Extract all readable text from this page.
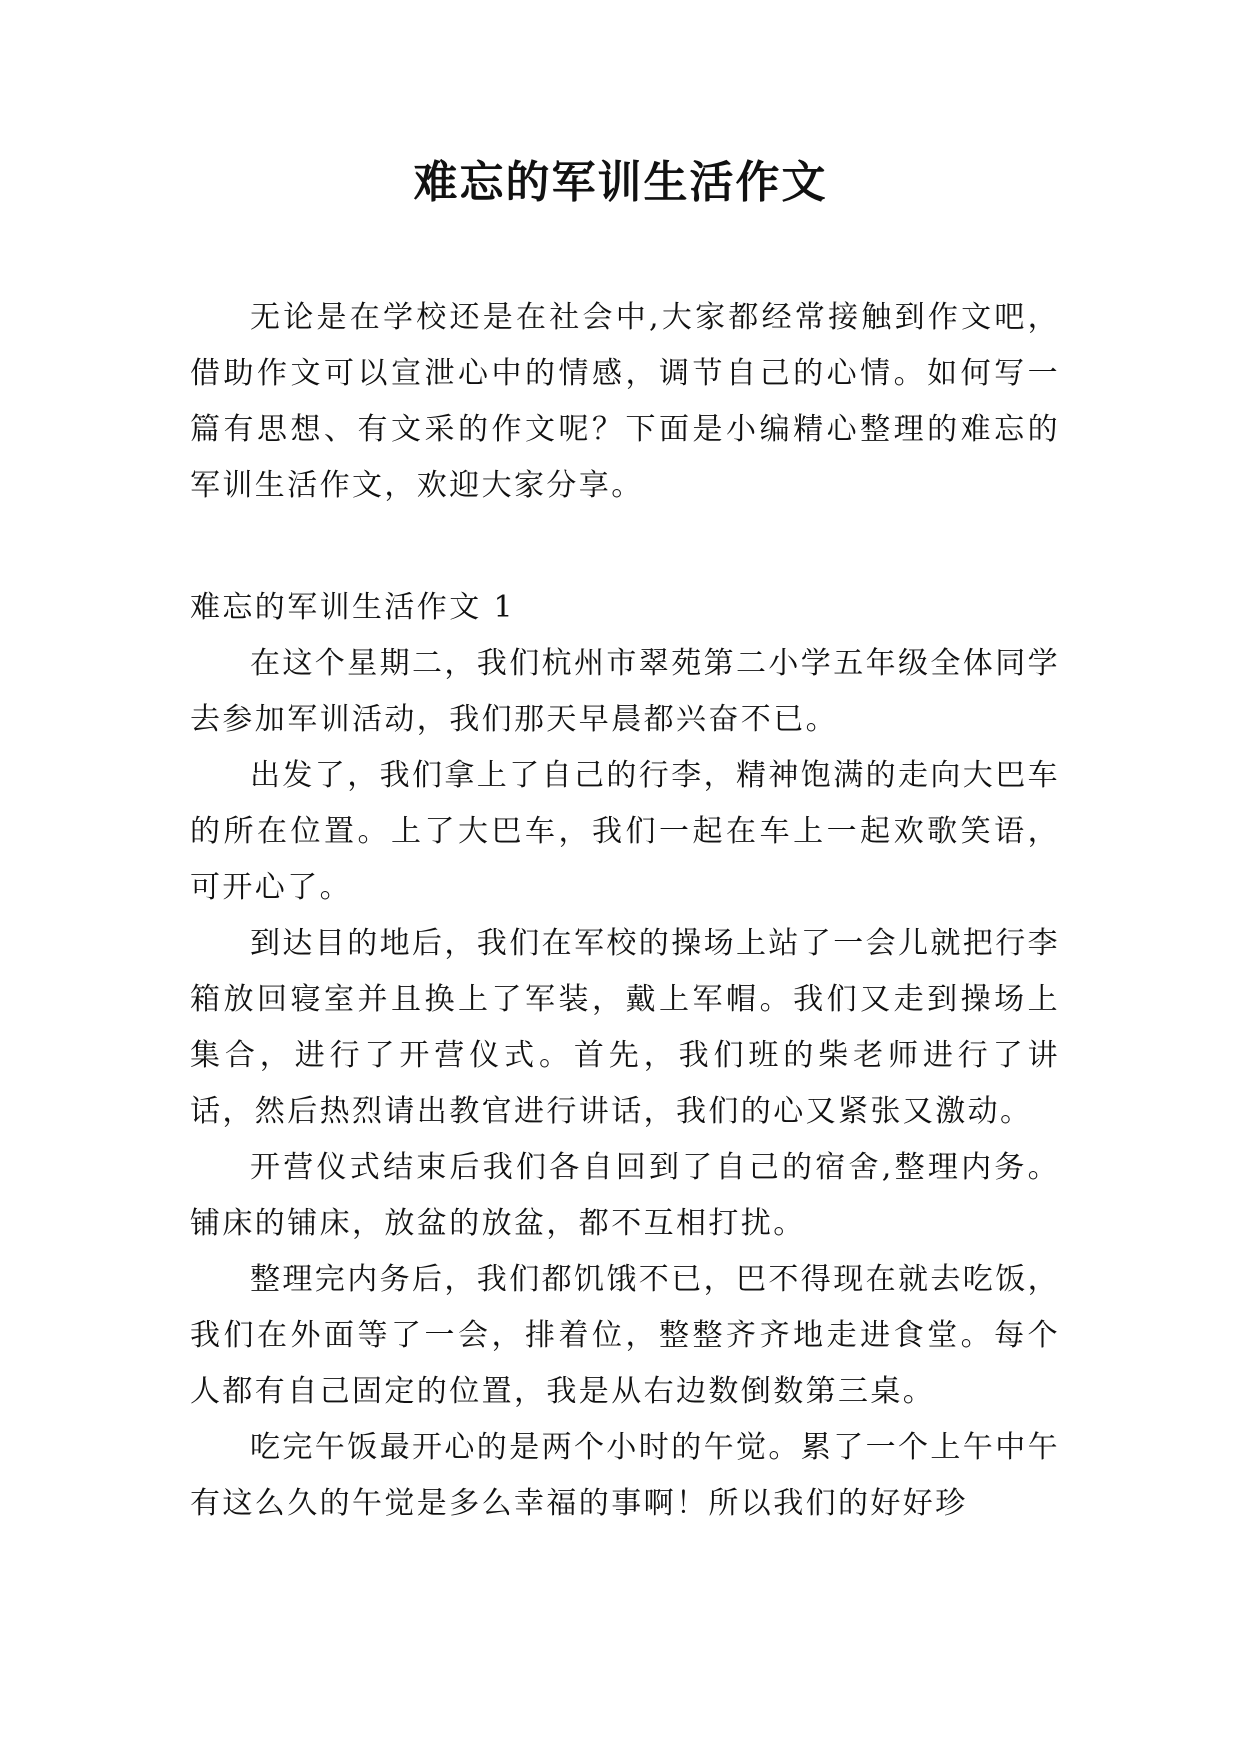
难忘的军训生活作文

无论是在学校还是在社会中,大家都经常接触到作文吧，借助作文可以宣泄心中的情感，调节自己的心情。如何写一篇有思想、有文采的作文呢？下面是小编精心整理的难忘的军训生活作文，欢迎大家分享。

难忘的军训生活作文 1

在这个星期二，我们杭州市翠苑第二小学五年级全体同学去参加军训活动，我们那天早晨都兴奋不已。

出发了，我们拿上了自己的行李，精神饱满的走向大巴车的所在位置。上了大巴车，我们一起在车上一起欢歌笑语，可开心了。

到达目的地后，我们在军校的操场上站了一会儿就把行李箱放回寝室并且换上了军装，戴上军帽。我们又走到操场上集合，进行了开营仪式。首先，我们班的柴老师进行了讲话，然后热烈请出教官进行讲话，我们的心又紧张又激动。

开营仪式结束后我们各自回到了自己的宿舍,整理内务。铺床的铺床，放盆的放盆，都不互相打扰。

整理完内务后，我们都饥饿不已，巴不得现在就去吃饭，我们在外面等了一会，排着位，整整齐齐地走进食堂。每个人都有自己固定的位置，我是从右边数倒数第三桌。

吃完午饭最开心的是两个小时的午觉。累了一个上午中午有这么久的午觉是多么幸福的事啊！所以我们的好好珍
